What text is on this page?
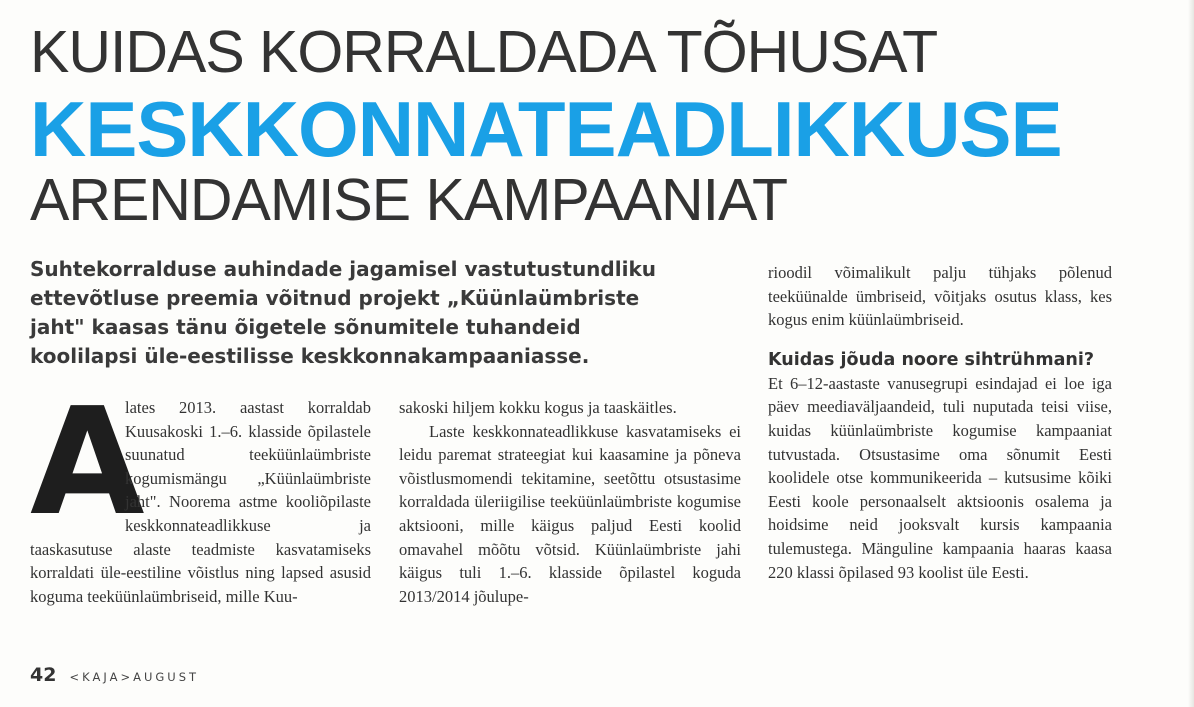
KUIDAS KORRALDADA TÕHUSAT
KESKKONNATEADLIKKUSE
ARENDAMISE KAMPAANIAT
Suhtekorralduse auhindade jagamisel vastutustundliku ettevõtluse preemia võitnud projekt „Küünlaümbriste jaht" kaasas tänu õigetele sõnumitele tuhandeid koolilapsi üle-eestilisse keskkonnakampaaniasse.
A

lates 2013. aastast korraldab Kuusakoski 1.–6. klasside õpilastele suunatud teeküünlaümbriste kogumismängu „Küünlaümbriste jaht". Noorema astme kooliõpilaste keskkonnateadlikkuse ja taaskasutuse alaste teadmiste kasvatamiseks korraldati üle-eestiline võistlus ning lapsed asusid koguma teeküünlaümbriseid, mille Kuu-

sakoski hiljem kokku kogus ja taaskäitles.

Laste keskkonnateadlikkuse kasvatamiseks ei leidu paremat strateegiat kui kaasamine ja põneva võistlusmomendi tekitamine, seetõttu otsustasime korraldada üleriigilise teeküünlaümbriste kogumise aktsiooni, mille käigus paljud Eesti koolid omavahel mõõtu võtsid. Küünlaümbriste jahi käigus tuli 1.–6. klasside õpilastel koguda 2013/2014 jõulupe-

rioodil võimalikult palju tühjaks põlenud teeküünalde ümbriseid, võitjaks osutus klass, kes kogus enim küünlaümbriseid.

Kuidas jõuda noore sihtrühmani?

Et 6–12-aastaste vanusegrupi esindajad ei loe iga päev meediaväljaandeid, tuli nuputada teisi viise, kuidas küünlaümbriste kogumise kampaaniat tutvustada. Otsustasime oma sõnumit Eesti koolidele otse kommunikeerida – kutsusime kõiki Eesti koole personaalselt aktsioonis osalema ja hoidsime neid jooksvalt kursis kampaania tulemustega. Mänguline kampaania haaras kaasa 220 klassi õpilased 93 koolist üle Eesti.

42 <KAJA>AUGUST
